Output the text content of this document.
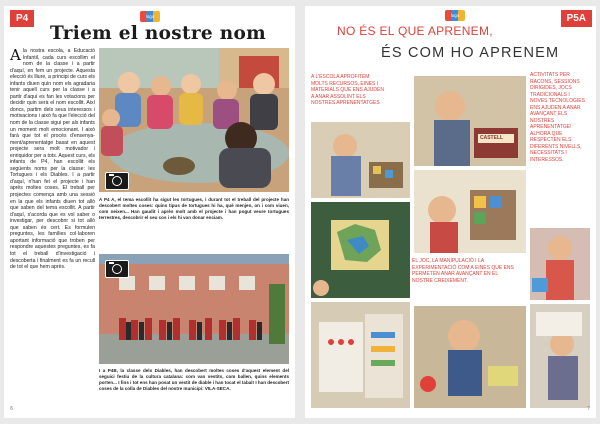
P4	logo
Triem el nostre nom
A la nostra escola, a Educació Infantil, cada curs escollim el nom de la classe i a partir d'aquí, en fem un projecte. Aquesta elecció és lliure, a principi de curs els infants diuen quin nom els agradaria tenir aquell curs per la classe i a partir d'aquí es fan les votacions per decidir quin serà el nom escollit. Així doncs, partim dels seus interessos i motivacions i això fa que l'elecció del nom de la classe sigui per als infants un moment molt emocionant. I això farà que tot el procés d'ensenya-ment/aprenentatge basat en aquest projecte sera molt motivador i enriquidor per a tots. Aquest curs, els infants de P4, han escollit els següents noms per la classe: les Tortugues i els Diables. I a partir d'aquí, n'han fet el projecte i han après moltes coses. El treball per projectes comença amb una sessió en la que els infants diuen tot allò que saben del tema escollit. A partir d'aquí, s'acorda que es vol saber o investigar, per descobrir si tot allò que saben és cert. Es formulen preguntes, les famílies col·laboren aportant informació que troben per respondre aquestes preguntes, es fa tot el treball d'investigació i descoberta i finalment es fa un recull de tot el que hem après.
A P4 A, el tema escollit ha sigut les tortugues, i durant tot el treball del projecte han descobert moltes coses: quins tipus de tortugues hi ha, què menjen, on i com viuen, com neixen... Han gaudit i après molt amb el projecte i han pogut veure tortugues terrestres, descobrir el seu cos i els hi van donar enciam.
I a P4B, la classe dels Diables, han descobert moltes coses d'aquest element del seguici festiu de la cultura catalana: com van vestits, com ballen, quins elements porten... I fins i tot ens han posat un vestit de diable i han tocat el tabal! I han descobert coses de la colla de Diables del nostre municipi: VILA-SECA.
6
logo	P5A
NO ÉS EL QUE APRENEM,
ÉS COM HO APRENEM
A L'ESCOLA APROFITEM MOLTS RECURSOS, EINES I MATERIALS QUE ENS AJUDEN A ANAR ASSOLINT ELS NOSTRES APRENENTATGES
ACTIVITATS PER RACONS, SESSIONS DIRIGIDES, JOCS TRADICIONALS I NOVES TECNOLOGIES ENS AJUDEN A ANAR AVANÇANT ELS NOSTRES APRENENTATGE! ALHORA QUE RESPECTEN ELS DIFERENTS NIVELLS, NECESSITATS I INTERESSOS.
EL JOC, LA MANIPULACIÓ I LA EXPERIMENTACIÓ COM A EINES QUE ENS PERMETEN ANAR AVANÇANT EN EL NOSTRE CREIXEMENT.
CASTELL
7
